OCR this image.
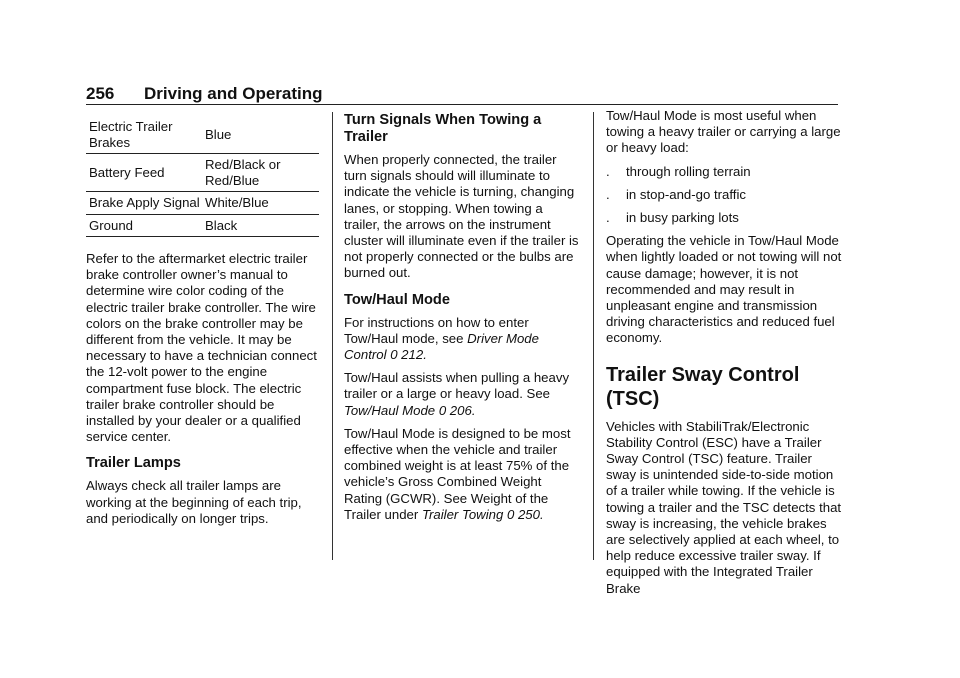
256 Driving and Operating
Electric Trailer Brakes	Blue
Battery Feed	Red/Black or Red/Blue
Brake Apply Signal	White/Blue
Ground	Black

Refer to the aftermarket electric trailer brake controller owner’s manual to determine wire color coding of the electric trailer brake controller. The wire colors on the brake controller may be different from the vehicle. It may be necessary to have a technician connect the 12-volt power to the engine compartment fuse block. The electric trailer brake controller should be installed by your dealer or a qualified service center.

Trailer Lamps

Always check all trailer lamps are working at the beginning of each trip, and periodically on longer trips.

Turn Signals When Towing a Trailer

When properly connected, the trailer turn signals should will illuminate to indicate the vehicle is turning, changing lanes, or stopping. When towing a trailer, the arrows on the instrument cluster will illuminate even if the trailer is not properly connected or the bulbs are burned out.

Tow/Haul Mode

For instructions on how to enter Tow/Haul mode, see Driver Mode Control 0 212.

Tow/Haul assists when pulling a heavy trailer or a large or heavy load. See Tow/Haul Mode 0 206.

Tow/Haul Mode is designed to be most effective when the vehicle and trailer combined weight is at least 75% of the vehicle’s Gross Combined Weight Rating (GCWR). See Weight of the Trailer under Trailer Towing 0 250.

Tow/Haul Mode is most useful when towing a heavy trailer or carrying a large or heavy load:

.	through rolling terrain
.	in stop-and-go traffic
.	in busy parking lots

Operating the vehicle in Tow/Haul Mode when lightly loaded or not towing will not cause damage; however, it is not recommended and may result in unpleasant engine and transmission driving characteristics and reduced fuel economy.

Trailer Sway Control (TSC)

Vehicles with StabiliTrak/Electronic Stability Control (ESC) have a Trailer Sway Control (TSC) feature. Trailer sway is unintended side-to-side motion of a trailer while towing. If the vehicle is towing a trailer and the TSC detects that sway is increasing, the vehicle brakes are selectively applied at each wheel, to help reduce excessive trailer sway. If equipped with the Integrated Trailer Brake
